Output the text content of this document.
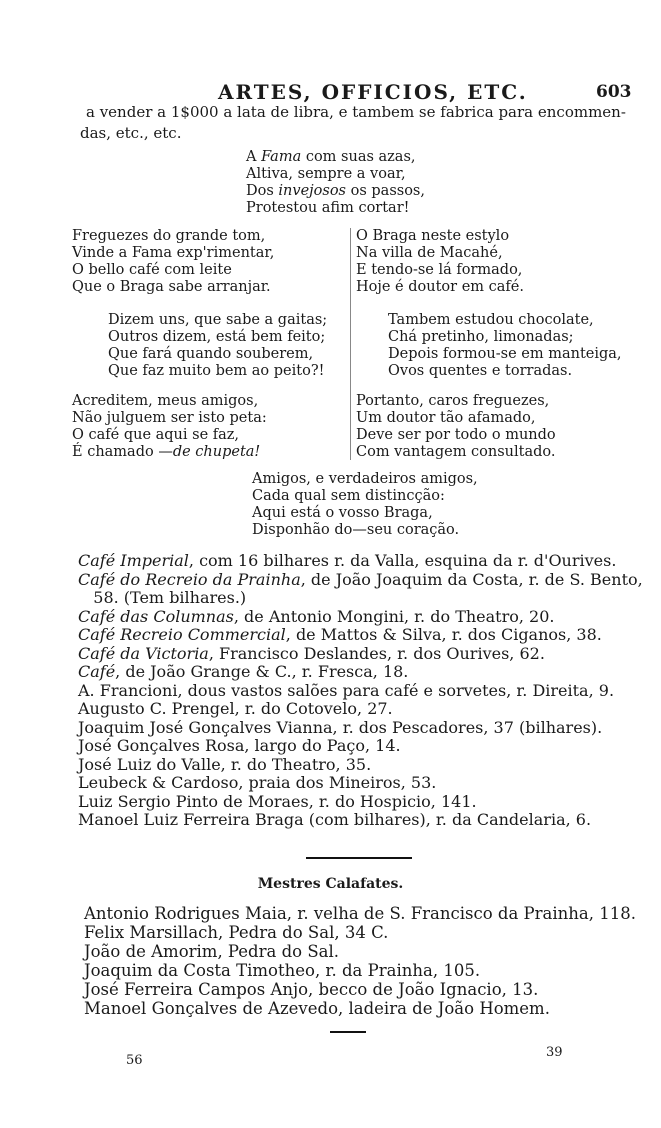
ARTES, OFFICIOS, ETC.	603
a vender a 1$000 a lata de libra, e tambem se fabrica para encommen-
das, etc., etc.
A Fama com suas azas,
Altiva, sempre a voar,
Dos invejosos os passos,
Protestou afim cortar!
Freguezes do grande tom,
Vinde a Fama exp'rimentar,
O bello café com leite
Que o Braga sabe arranjar.
O Braga neste estylo
Na villa de Macahé,
E tendo-se lá formado,
Hoje é doutor em café.
Dizem uns, que sabe a gaitas;
Outros dizem, está bem feito;
Que fará quando souberem,
Que faz muito bem ao peito?!
Tambem estudou chocolate,
Chá pretinho, limonadas;
Depois formou-se em manteiga,
Ovos quentes e torradas.
Acreditem, meus amigos,
Não julguem ser isto peta:
O café que aqui se faz,
É chamado —de chupeta!
Portanto, caros freguezes,
Um doutor tão afamado,
Deve ser por todo o mundo
Com vantagem consultado.
Amigos, e verdadeiros amigos,
Cada qual sem distincção:
Aqui está o vosso Braga,
Disponhão do—seu coração.
Café Imperial, com 16 bilhares r. da Valla, esquina da r. d'Ourives.
Café do Recreio da Prainha, de João Joaquim da Costa, r. de S. Bento,
58. (Tem bilhares.)
Café das Columnas, de Antonio Mongini, r. do Theatro, 20.
Café Recreio Commercial, de Mattos & Silva, r. dos Ciganos, 38.
Café da Victoria, Francisco Deslandes, r. dos Ourives, 62.
Café, de João Grange & C., r. Fresca, 18.
A. Francioni, dous vastos salões para café e sorvetes, r. Direita, 9.
Augusto C. Prengel, r. do Cotovelo, 27.
Joaquim José Gonçalves Vianna, r. dos Pescadores, 37 (bilhares).
José Gonçalves Rosa, largo do Paço, 14.
José Luiz do Valle, r. do Theatro, 35.
Leubeck & Cardoso, praia dos Mineiros, 53.
Luiz Sergio Pinto de Moraes, r. do Hospicio, 141.
Manoel Luiz Ferreira Braga (com bilhares), r. da Candelaria, 6.
Mestres Calafates.
Antonio Rodrigues Maia, r. velha de S. Francisco da Prainha, 118.
Felix Marsillach, Pedra do Sal, 34 C.
João de Amorim, Pedra do Sal.
Joaquim da Costa Timotheo, r. da Prainha, 105.
José Ferreira Campos Anjo, becco de João Ignacio, 13.
Manoel Gonçalves de Azevedo, ladeira de João Homem.
56
39
